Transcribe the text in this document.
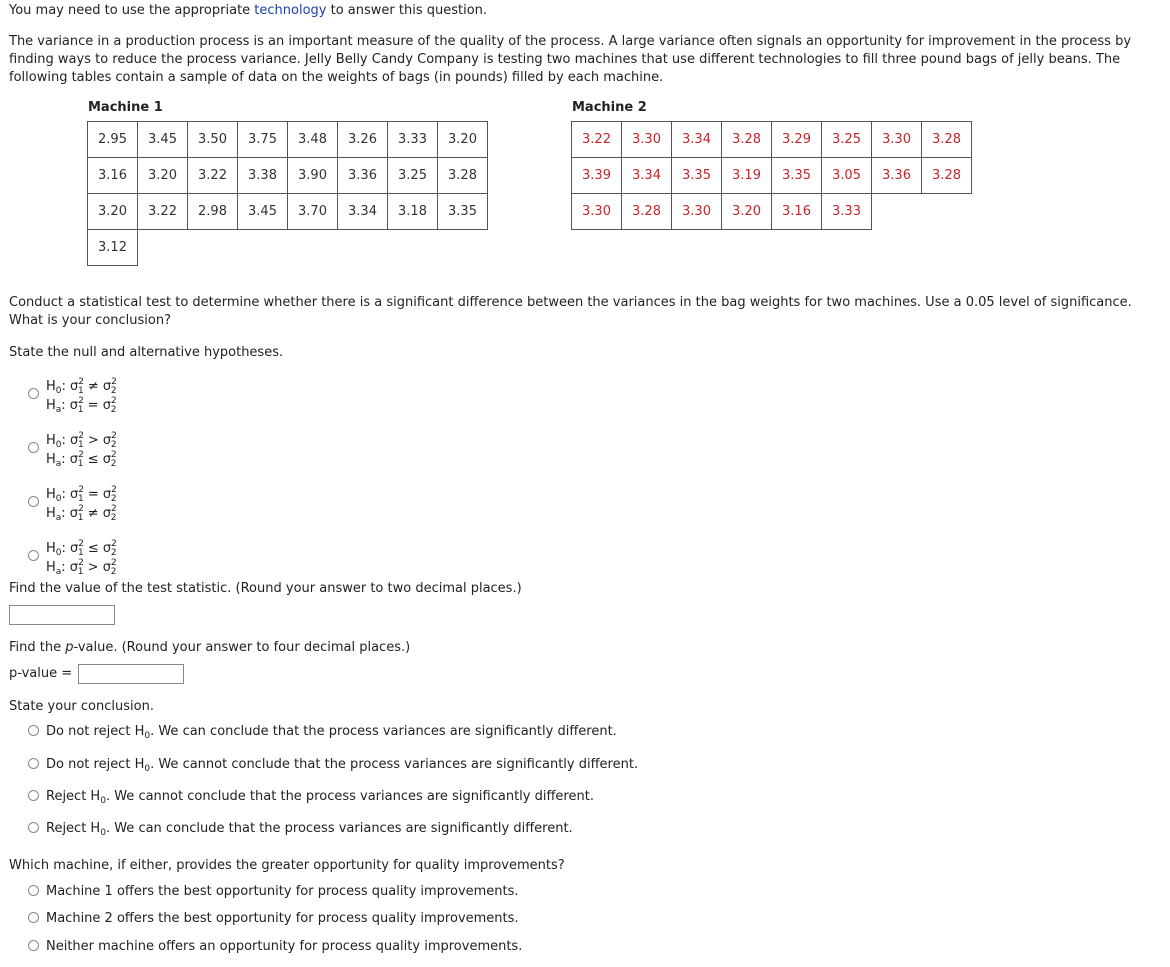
You may need to use the appropriate technology to answer this question.

The variance in a production process is an important measure of the quality of the process. A large variance often signals an opportunity for improvement in the process by

finding ways to reduce the process variance. Jelly Belly Candy Company is testing two machines that use different technologies to fill three pound bags of jelly beans. The

following tables contain a sample of data on the weights of bags (in pounds) filled by each machine.

Machine 1
2.95	3.45	3.50	3.75	3.48	3.26	3.33	3.20
3.16	3.20	3.22	3.38	3.90	3.36	3.25	3.28
3.20	3.22	2.98	3.45	3.70	3.34	3.18	3.35
3.12							
Machine 2
3.22	3.30	3.34	3.28	3.29	3.25	3.30	3.28
3.39	3.34	3.35	3.19	3.35	3.05	3.36	3.28
3.30	3.28	3.30	3.20	3.16	3.33		

Conduct a statistical test to determine whether there is a significant difference between the variances in the bag weights for two machines. Use a 0.05 level of significance.

What is your conclusion?

State the null and alternative hypotheses.

$H_0$: $\sigma^2_1 \ne \sigma^2_2$
$H_a$: $\sigma^2_1 = \sigma^2_2$
$H_0$: $\sigma^2_1 > \sigma^2_2$
$H_a$: $\sigma^2_1 \le \sigma^2_2$
$H_0$: $\sigma^2_1 = \sigma^2_2$
$H_a$: $\sigma^2_1 \ne \sigma^2_2$
$H_0$: $\sigma^2_1 \le \sigma^2_2$
$H_a$: $\sigma^2_1 > \sigma^2_2$

Find the value of the test statistic. (Round your answer to two decimal places.)

Find the p-value. (Round your answer to four decimal places.)

p-value =

State your conclusion.

Do not reject $H_0$. We can conclude that the process variances are significantly different.
Do not reject $H_0$. We cannot conclude that the process variances are significantly different.
Reject $H_0$. We cannot conclude that the process variances are significantly different.
Reject $H_0$. We can conclude that the process variances are significantly different.

Which machine, if either, provides the greater opportunity for quality improvements?

Machine 1 offers the best opportunity for process quality improvements.
Machine 2 offers the best opportunity for process quality improvements.
Neither machine offers an opportunity for process quality improvements.
